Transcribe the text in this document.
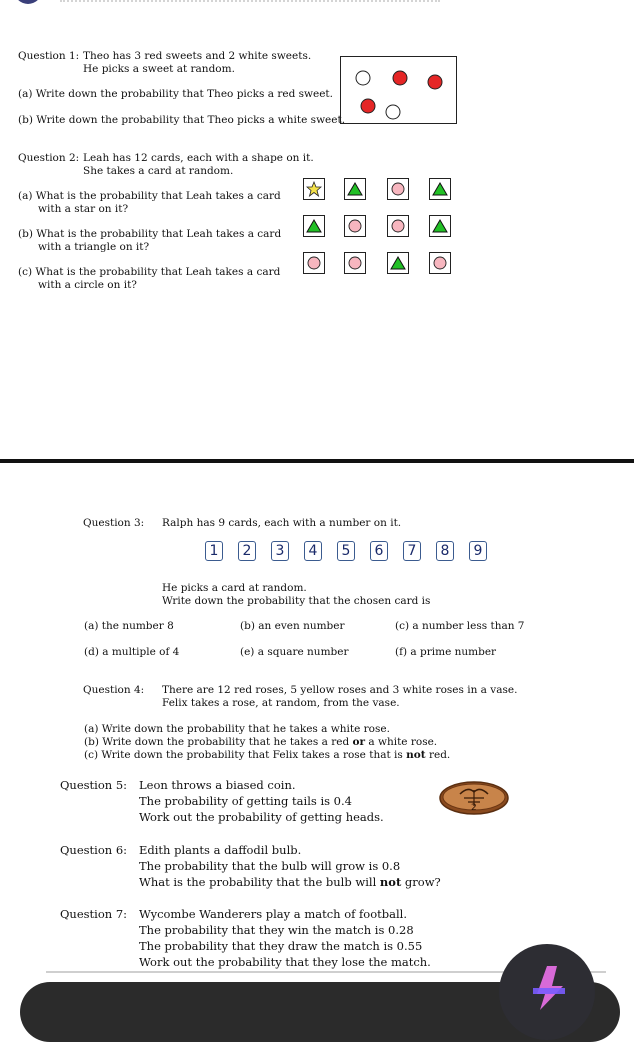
Question 1: Theo has 3 red sweets and 2 white sweets.
He picks a sweet at random.
(a) Write down the probability that Theo picks a red sweet.
(b) Write down the probability that Theo picks a white sweet.
Question 2: Leah has 12 cards, each with a shape on it.
She takes a card at random.
(a) What is the probability that Leah takes a card
with a star on it?
(b) What is the probability that Leah takes a card
with a triangle on it?
(c) What is the probability that Leah takes a card
with a circle on it?
Question 3: Ralph has 9 cards, each with a number on it.
1	2	3	4	5	6	7	8	9
He picks a card at random.
Write down the probability that the chosen card is
(a) the number 8	(b) an even number	(c) a number less than 7
(d) a multiple of 4	(e) a square number	(f) a prime number
Question 4: There are 12 red roses, 5 yellow roses and 3 white roses in a vase.
Felix takes a rose, at random, from the vase.
(a) Write down the probability that he takes a white rose.
(b) Write down the probability that he takes a red or a white rose.
(c) Write down the probability that Felix takes a rose that is not red.
Question 5: Leon throws a biased coin.
The probability of getting tails is 0.4
Work out the probability of getting heads.
2
Question 6: Edith plants a daffodil bulb.
The probability that the bulb will grow is 0.8
What is the probability that the bulb will not grow?
Question 7: Wycombe Wanderers play a match of football.
The probability that they win the match is 0.28
The probability that they draw the match is 0.55
Work out the probability that they lose the match.
